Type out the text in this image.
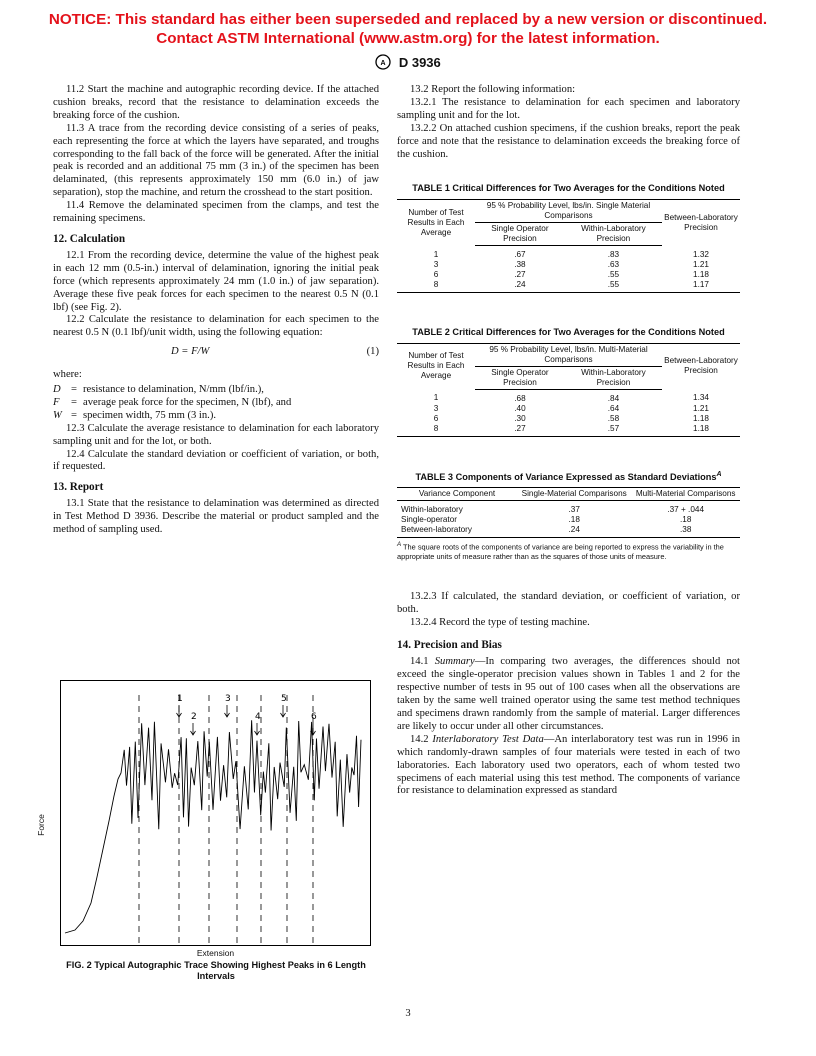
NOTICE: This standard has either been superseded and replaced by a new version or discontinued.
Contact ASTM International (www.astm.org) for the latest information.
A D 3936

11.2 Start the machine and autographic recording device. If the attached cushion breaks, record that the resistance to delamination exceeds the breaking force of the cushion.

11.3 A trace from the recording device consisting of a series of peaks, each representing the force at which the layers have separated, and troughs corresponding to the fall back of the force will be generated. After the initial peak is recorded and an additional 75 mm (3 in.) of the specimen has been delaminated, (this represents approximately 150 mm (6.0 in.) of jaw separation), stop the machine, and return the crosshead to the start position.

11.4 Remove the delaminated specimen from the clamps, and test the remaining specimens.

12. Calculation

12.1 From the recording device, determine the value of the highest peak in each 12 mm (0.5-in.) interval of delamination, ignoring the initial peak force (which represents approximately 24 mm (1.0 in.) of jaw separation). Average these five peak forces for each specimen to the nearest 0.5 N (0.1 lbf) (see Fig. 2).

12.2 Calculate the resistance to delamination for each specimen to the nearest 0.5 N (0.1 lbf)/unit width, using the following equation:

D = F/W	(1)

where:

D = resistance to delamination, N/mm (lbf/in.),
F	= average peak force for the specimen, N (lbf), and
W = specimen width, 75 mm (3 in.).

12.3 Calculate the average resistance to delamination for each laboratory sampling unit and for the lot, or both.

12.4 Calculate the standard deviation or coefficient of variation, or both, if requested.

13. Report

13.1 State that the resistance to delamination was determined as directed in Test Method D 3936. Describe the material or product sampled and the method of sampling used.

Force
1
2
3
4
5
6
Extension
FIG. 2 Typical Autographic Trace Showing Highest Peaks in 6 Length Intervals

13.2 Report the following information:

13.2.1 The resistance to delamination for each specimen and laboratory sampling unit and for the lot.

13.2.2 On attached cushion specimens, if the cushion breaks, report the peak force and note that the resistance to delamination exceeds the breaking force of the cushion.

TABLE 1 Critical Differences for Two Averages for the Conditions Noted
Number of Test Results in Each Average	95 % Probability Level, lbs/in. Single Material Comparisons		Between-Laboratory Precision
	Single Operator Precision	Within-Laboratory Precision	
1	.67	.83	1.32
3	.38	.63	1.21
6	.27	.55	1.18
8	.24	.55	1.17
TABLE 2 Critical Differences for Two Averages for the Conditions Noted
Number of Test Results in Each Average	95 % Probability Level, lbs/in. Multi-Material Comparisons		Between-Laboratory Precision
	Single Operator Precision	Within-Laboratory Precision	
1	.68	.84	1.34
3	.40	.64	1.21
6	.30	.58	1.18
8	.27	.57	1.18
TABLE 3 Components of Variance Expressed as Standard Deviations$^A$
Variance Component	Single-Material Comparisons	Multi-Material Comparisons
Within-laboratory	.37	.37 + .044
Single-operator	.18	.18
Between-laboratory	.24	.38
$^A$ The square roots of the components of variance are being reported to express the variability in the appropriate units of measure rather than as the squares of those units of measure.

13.2.3 If calculated, the standard deviation, or coefficient of variation, or both.

13.2.4 Record the type of testing machine.

14. Precision and Bias

14.1 Summary—In comparing two averages, the differences should not exceed the single-operator precision values shown in Tables 1 and 2 for the respective number of tests in 95 out of 100 cases when all the observations are taken by the same well trained operator using the same test method techniques and specimens drawn randomly from the sample of material. Larger differences are likely to occur under all other circumstances.

14.2 Interlaboratory Test Data—An interlaboratory test was run in 1996 in which randomly-drawn samples of four materials were tested in each of two laboratories. Each laboratory used two operators, each of whom tested two specimens of each material using this test method. The components of variance for resistance to delamination expressed as standard

3
